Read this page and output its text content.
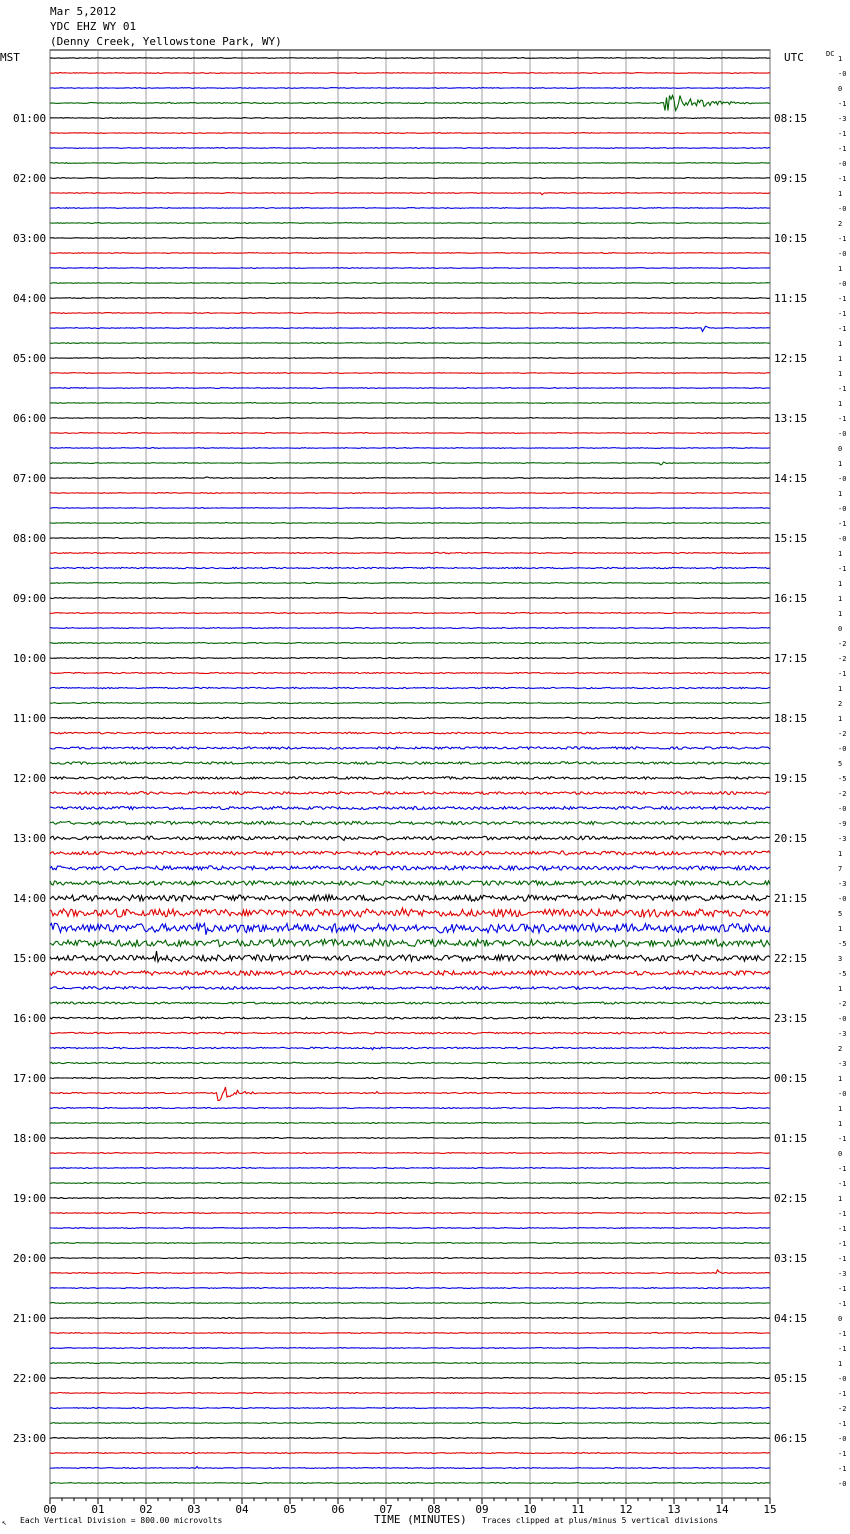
Mar 5,2012
YDC EHZ WY 01
(Denny Creek, Yellowstone Park, WY)
00	01	02	03	04	05	06	07	08	09	10	11	12	13	14	15
1
-0
0
-1
-3
-1
-1
-0
-1
1
-0
2
-1
-0
1
-0
-1
-1
-1
1
1
1
-1
1
-1
-0
0
1
-0
1
-0
-1
-0
1
-1
1
1
1
0
-2
-2
-1
1
2
1
-2
-0
5
-5
-2
-0
-9
-3
1
7
-3
-0
5
1
-5
3
-5
1
-2
-0
-3
2
-3
1
-0
1
1
-1
0
-1
-1
1
-1
-1
-1
-1
-3
-1
-1
0
-1
-1
1
-0
-1
-2
-1
-0
-1
-1
-0
01:00
02:00
03:00
04:00
05:00
06:00
07:00
08:00
09:00
10:00
11:00
12:00
13:00
14:00
15:00
16:00
17:00
18:00
19:00
20:00
21:00
22:00
23:00
08:15
09:15
10:15
11:15
12:15
13:15
14:15
15:15
16:15
17:15
18:15
19:15
20:15
21:15
22:15
23:15
00:15
01:15
02:15
03:15
04:15
05:15
06:15
MST	UTC	DC
↖ Each Vertical Division = 800.00 microvolts	TIME (MINUTES) Traces clipped at plus/minus 5 vertical divisions
